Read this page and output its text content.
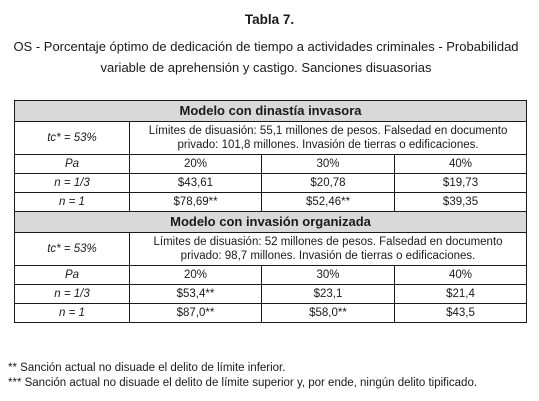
Tabla 7.
OS - Porcentaje óptimo de dedicación de tiempo a actividades criminales - Probabilidad
variable de aprehensión y castigo. Sanciones disuasorias
Modelo con dinastía invasora			
tc* = 53%	Límites de disuasión: 55,1 millones de pesos. Falsedad en documento privado: 101,8 millones. Invasión de tierras o edificaciones.		
Pa	20%	30%	40%
n = 1/3	$43,61	$20,78	$19,73
n = 1	$78,69**	$52,46**	$39,35
Modelo con invasión organizada			
tc* = 53%	Límites de disuasión: 52 millones de pesos. Falsedad en documento privado: 98,7 millones. Invasión de tierras o edificaciones.		
Pa	20%	30%	40%
n = 1/3	$53,4**	$23,1	$21,4
n = 1	$87,0**	$58,0**	$43,5
** Sanción actual no disuade el delito de límite inferior.
*** Sanción actual no disuade el delito de límite superior y, por ende, ningún delito tipificado.
